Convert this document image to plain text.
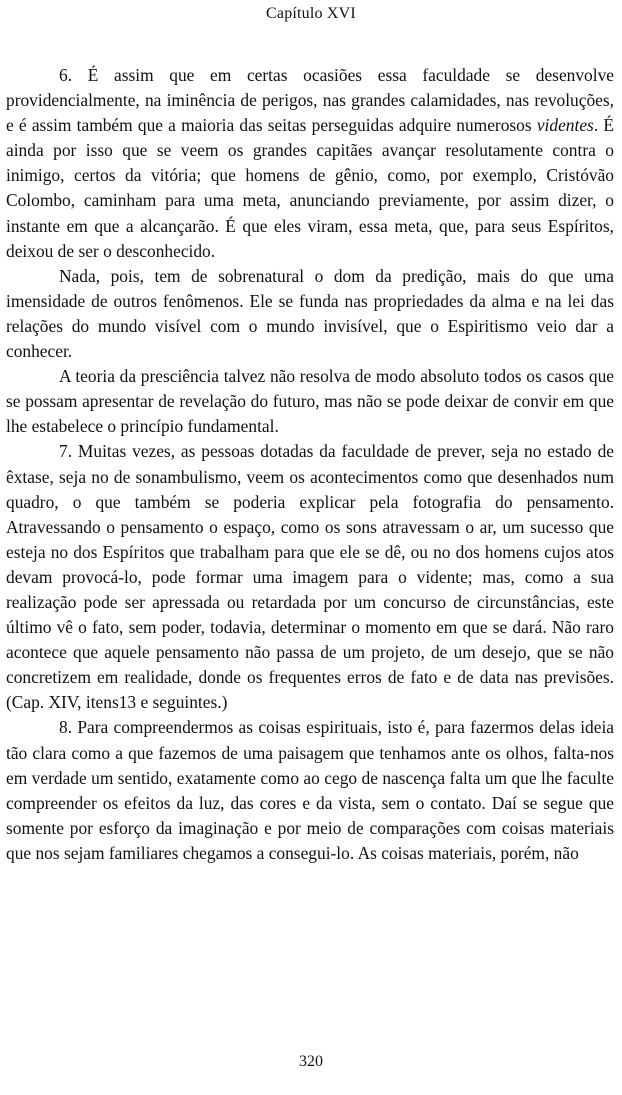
Capítulo XVI

6. É assim que em certas ocasiões essa faculdade se desenvolve providencialmente, na iminência de perigos, nas grandes calamidades, nas revoluções, e é assim também que a maioria das seitas perseguidas adquire numerosos videntes. É ainda por isso que se veem os grandes capitães avançar resolutamente contra o inimigo, certos da vitória; que homens de gênio, como, por exemplo, Cristóvão Colombo, caminham para uma meta, anunciando previamente, por assim dizer, o instante em que a alcançarão. É que eles viram, essa meta, que, para seus Espíritos, deixou de ser o desconhecido.

Nada, pois, tem de sobrenatural o dom da predição, mais do que uma imensidade de outros fenômenos. Ele se funda nas propriedades da alma e na lei das relações do mundo visível com o mundo invisível, que o Espiritismo veio dar a conhecer.

A teoria da presciência talvez não resolva de modo absoluto todos os casos que se possam apresentar de revelação do futuro, mas não se pode deixar de convir em que lhe estabelece o princípio fundamental.

7. Muitas vezes, as pessoas dotadas da faculdade de prever, seja no estado de êxtase, seja no de sonambulismo, veem os acontecimentos como que desenhados num quadro, o que também se poderia explicar pela fotografia do pensamento. Atravessando o pensamento o espaço, como os sons atravessam o ar, um sucesso que esteja no dos Espíritos que trabalham para que ele se dê, ou no dos homens cujos atos devam provocá-lo, pode formar uma imagem para o vidente; mas, como a sua realização pode ser apressada ou retardada por um concurso de circunstâncias, este último vê o fato, sem poder, todavia, determinar o momento em que se dará. Não raro acontece que aquele pensamento não passa de um projeto, de um desejo, que se não concretizem em realidade, donde os frequentes erros de fato e de data nas previsões. (Cap. XIV, itens13 e seguintes.)

8. Para compreendermos as coisas espirituais, isto é, para fazermos delas ideia tão clara como a que fazemos de uma paisagem que tenhamos ante os olhos, falta-nos em verdade um sentido, exatamente como ao cego de nascença falta um que lhe faculte compreender os efeitos da luz, das cores e da vista, sem o contato. Daí se segue que somente por esforço da imaginação e por meio de comparações com coisas materiais que nos sejam familiares chegamos a consegui-lo. As coisas materiais, porém, não

320
